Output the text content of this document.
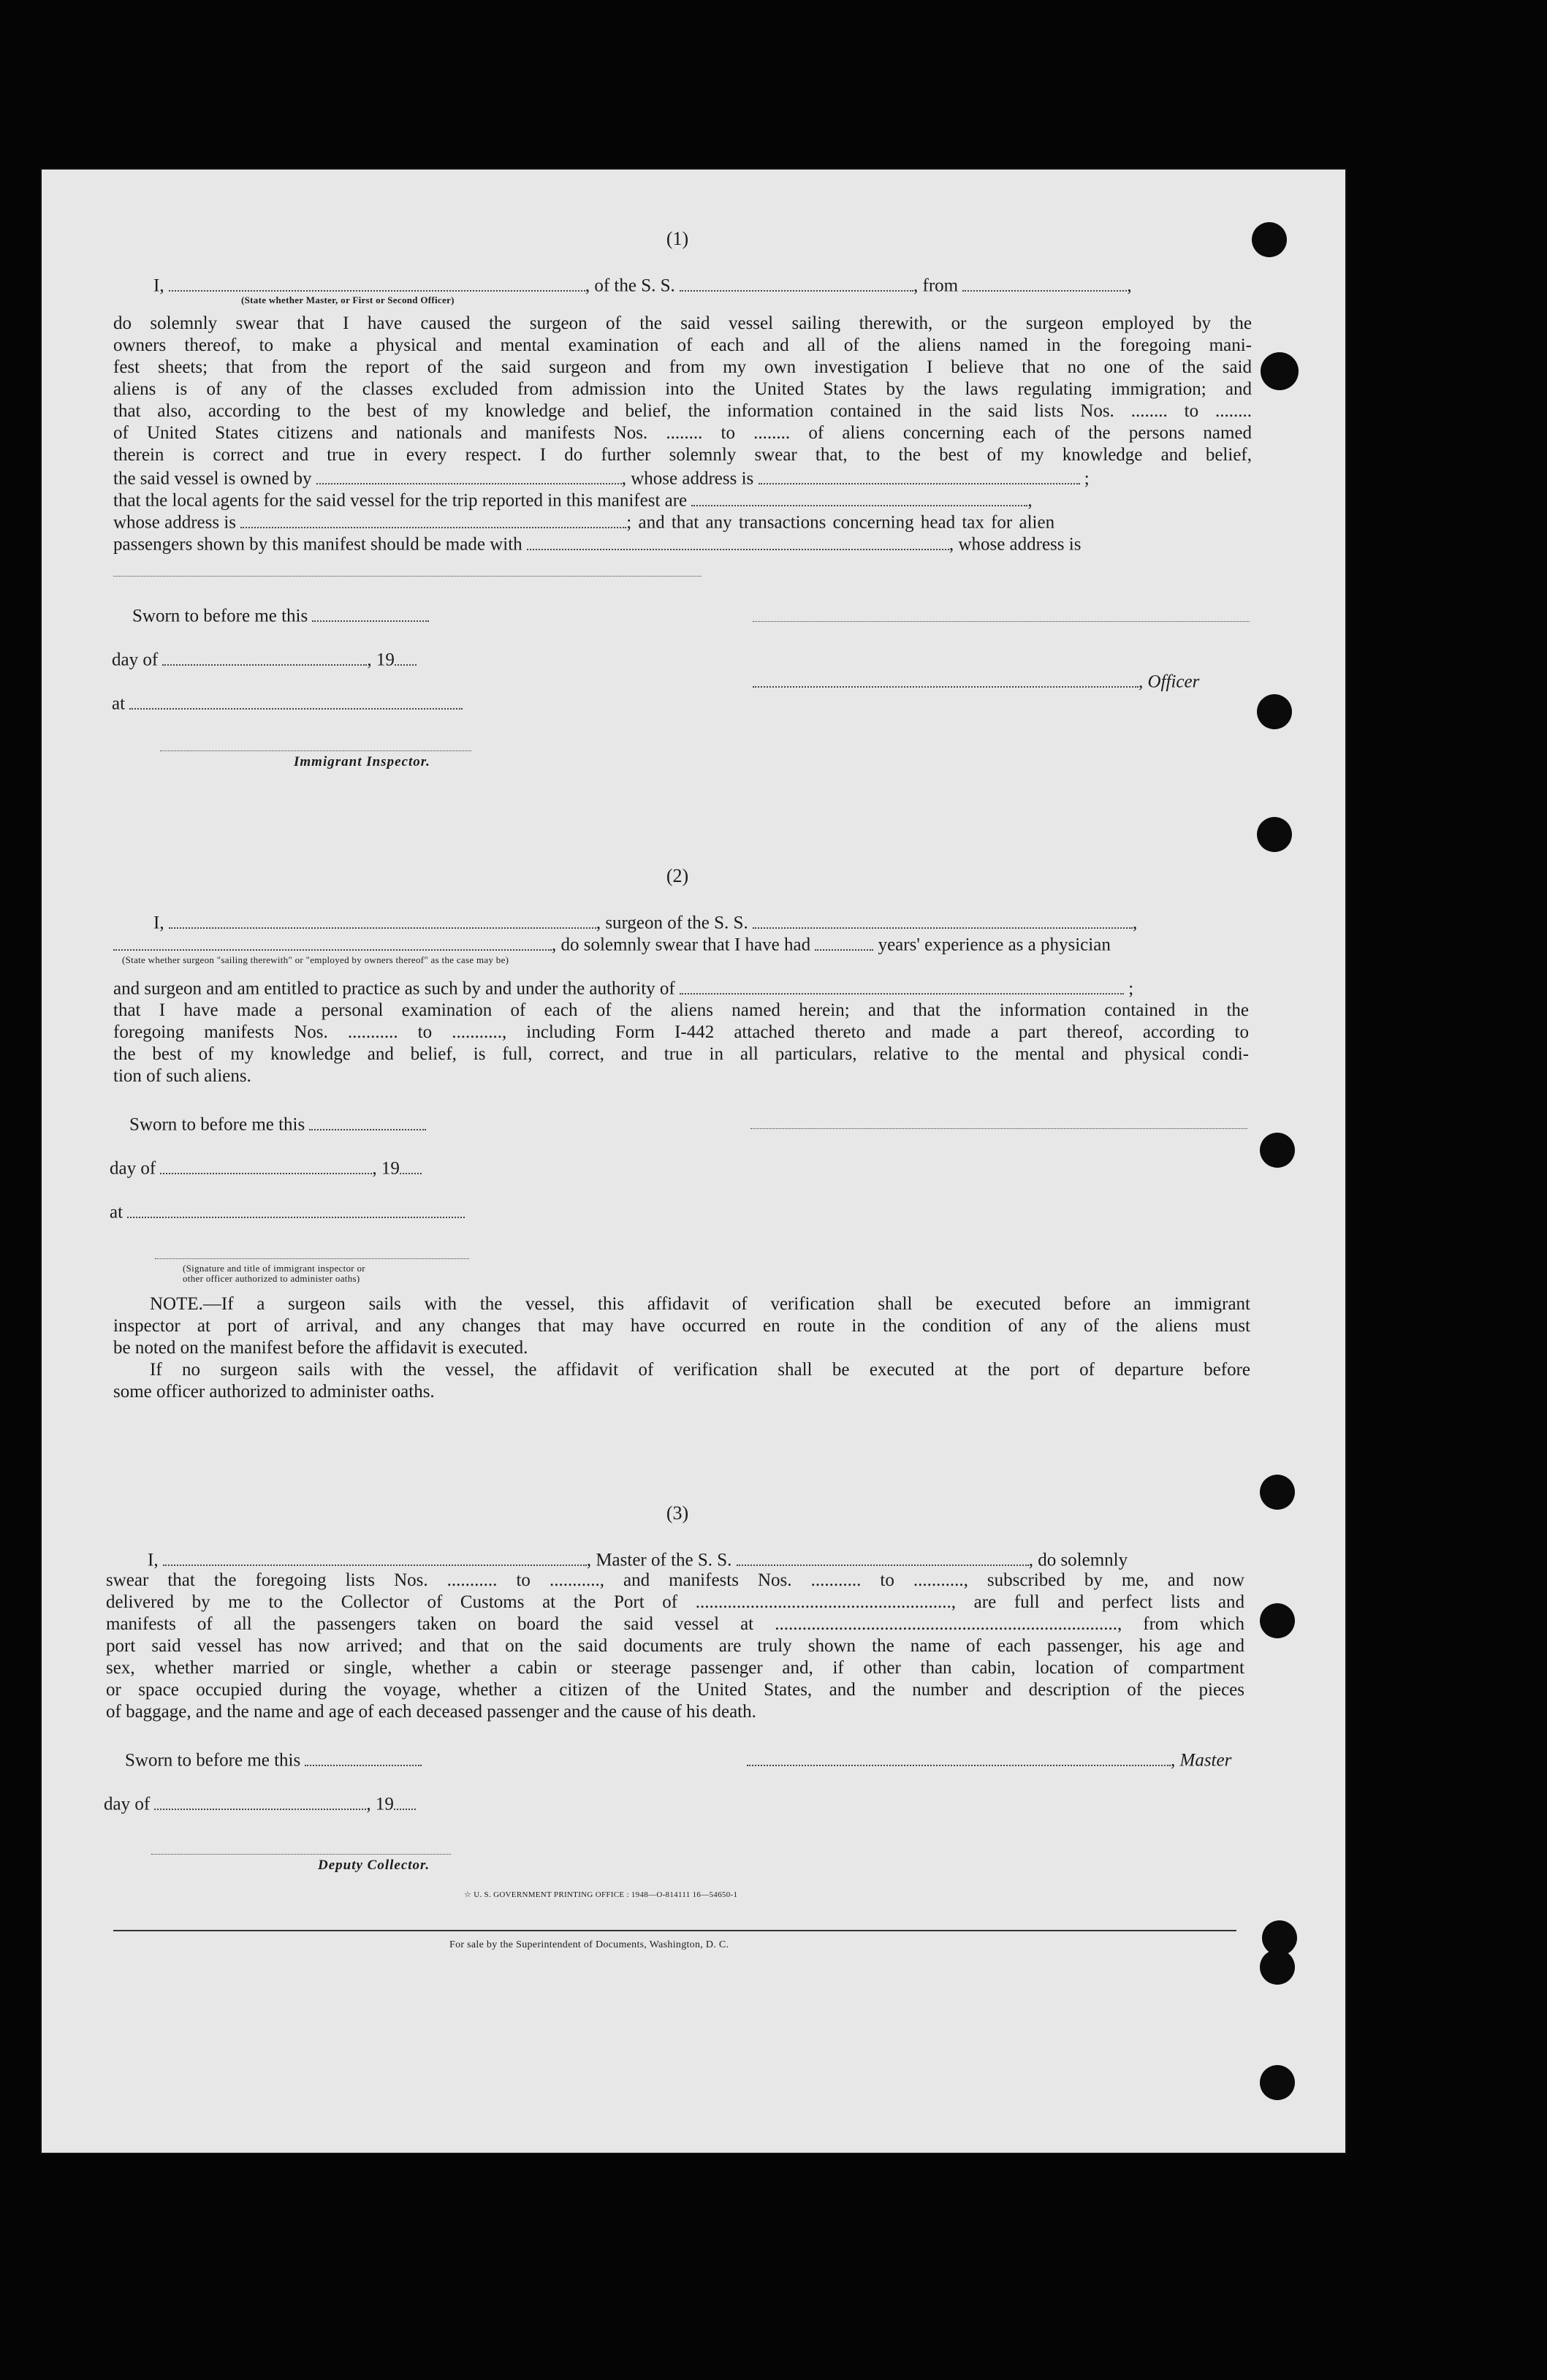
(1)
I,	, of the S. S.	, from	,
(State whether Master, or First or Second Officer)
do solemnly swear that I have caused the surgeon of the said vessel sailing therewith, or the surgeon employed by the
owners thereof, to make a physical and mental examination of each and all of the aliens named in the foregoing mani-
fest sheets; that from the report of the said surgeon and from my own investigation I believe that no one of the said
aliens is of any of the classes excluded from admission into the United States by the laws regulating immigration; and
that also, according to the best of my knowledge and belief, the information contained in the said lists Nos. ........ to ........
of United States citizens and nationals and manifests Nos. ........ to ........ of aliens concerning each of the persons named
therein is correct and true in every respect. I do further solemnly swear that, to the best of my knowledge and belief,
the said vessel is owned by	, whose address is	;
that the local agents for the said vessel for the trip reported in this manifest are	,
whose address is	; and that any transactions concerning head tax for alien
passengers shown by this manifest should be made with	, whose address is
Sworn to before me this
day of	, 19
, Officer
at
Immigrant Inspector.
(2)
I,	, surgeon of the S. S.	,
, do solemnly swear that I have had	years' experience as a physician
(State whether surgeon "sailing therewith" or "employed by owners thereof" as the case may be)
and surgeon and am entitled to practice as such by and under the authority of	;
that I have made a personal examination of each of the aliens named herein; and that the information contained in the
foregoing manifests Nos. ........... to ..........., including Form I-442 attached thereto and made a part thereof, according to
the best of my knowledge and belief, is full, correct, and true in all particulars, relative to the mental and physical condi-
tion of such aliens.
Sworn to before me this
day of	, 19
at
(Signature and title of immigrant inspector or
other officer authorized to administer oaths)
NOTE.—If a surgeon sails with the vessel, this affidavit of verification shall be executed before an immigrant
inspector at port of arrival, and any changes that may have occurred en route in the condition of any of the aliens must
be noted on the manifest before the affidavit is executed.
If no surgeon sails with the vessel, the affidavit of verification shall be executed at the port of departure before
some officer authorized to administer oaths.
(3)
I,	, Master of the S. S.	, do solemnly
swear that the foregoing lists Nos. ........... to ..........., and manifests Nos. ........... to ..........., subscribed by me, and now
delivered by me to the Collector of Customs at the Port of ........................................................, are full and perfect lists and
manifests of all the passengers taken on board the said vessel at ..........................................................................., from which
port said vessel has now arrived; and that on the said documents are truly shown the name of each passenger, his age and
sex, whether married or single, whether a cabin or steerage passenger and, if other than cabin, location of compartment
or space occupied during the voyage, whether a citizen of the United States, and the number and description of the pieces
of baggage, and the name and age of each deceased passenger and the cause of his death.
Sworn to before me this	, Master
day of	, 19
Deputy Collector.
☆ U. S. GOVERNMENT PRINTING OFFICE : 1948—O-814111 16—54650-1
For sale by the Superintendent of Documents, Washington, D. C.
